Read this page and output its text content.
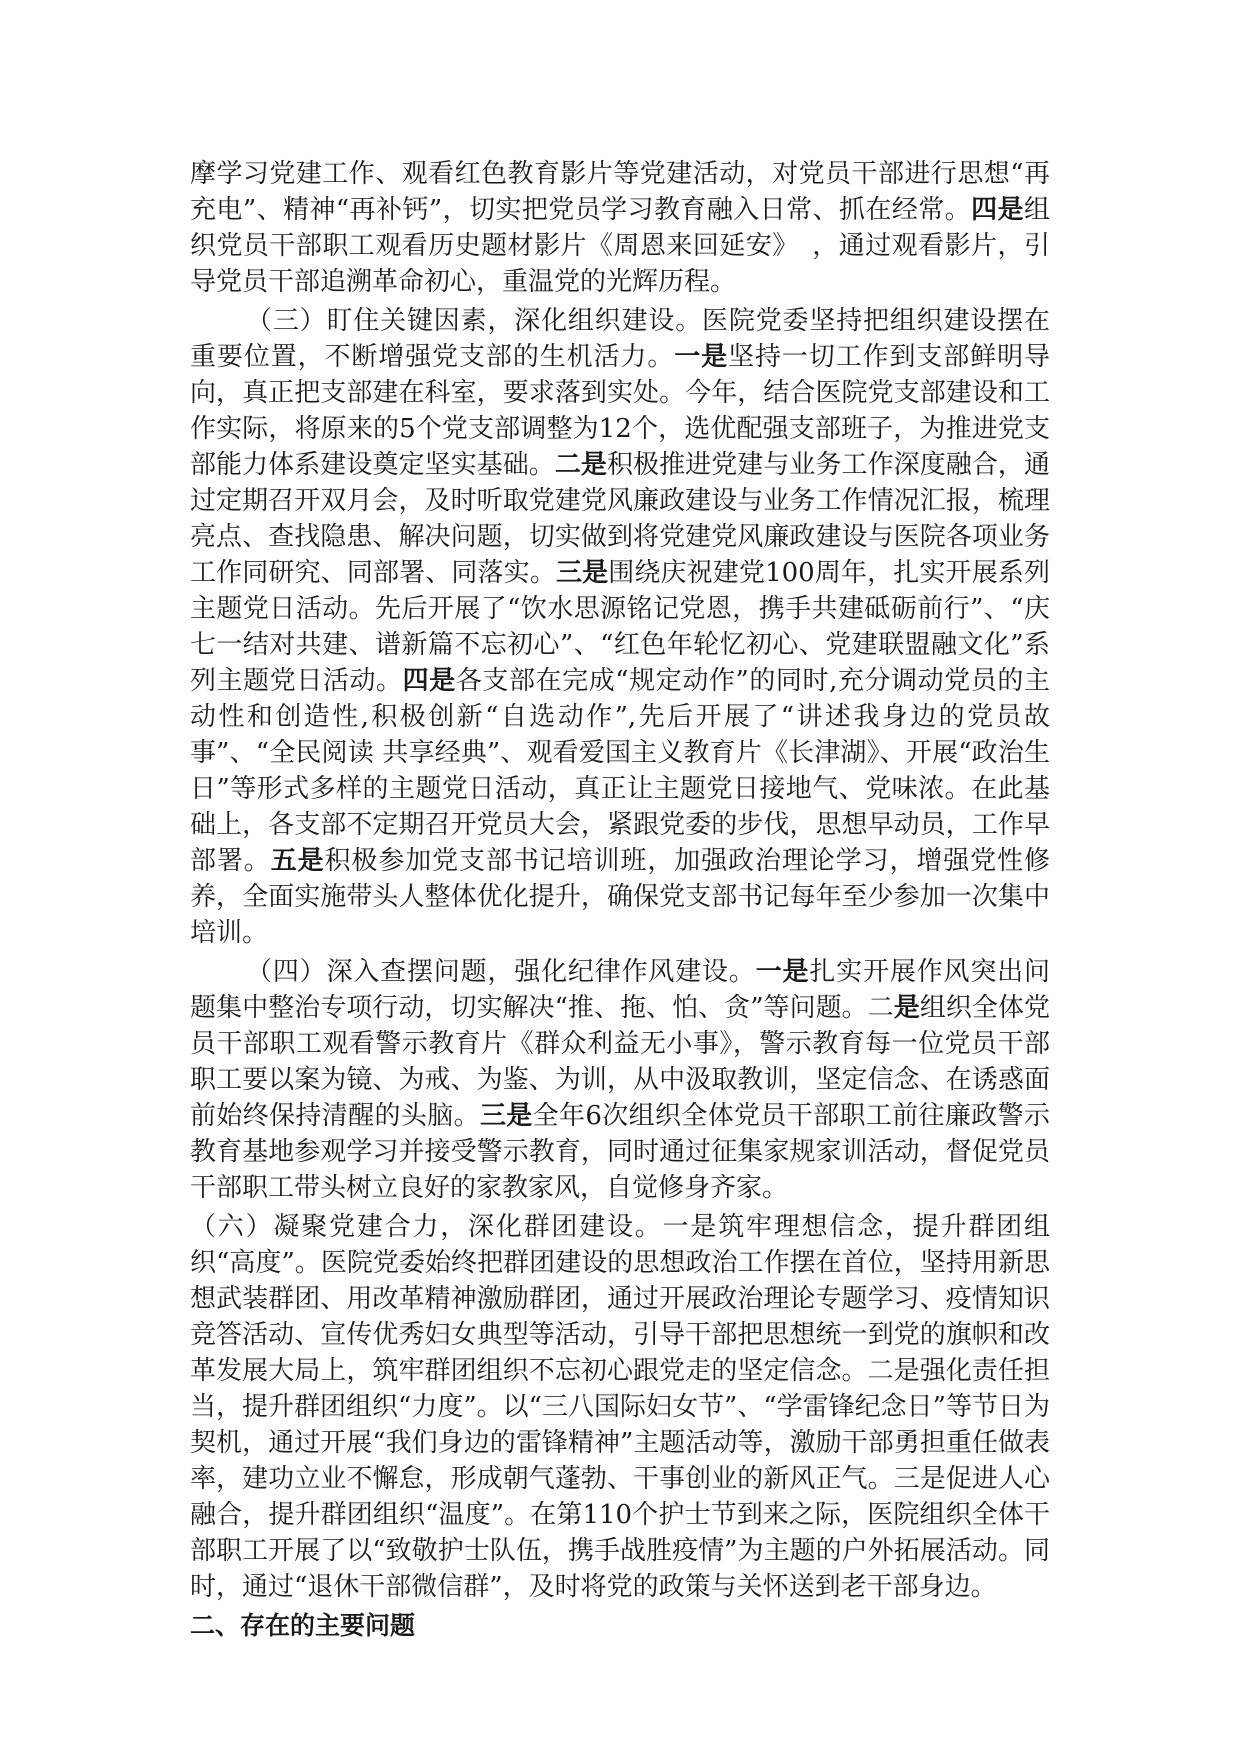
摩学习党建工作、观看红色教育影片等党建活动，对党员干部进行思想“再充电”、精神“再补钙”，切实把党员学习教育融入日常、抓在经常。四是组织党员干部职工观看历史题材影片《周恩来回延安》　，通过观看影片，引导党员干部追溯革命初心，重温党的光辉历程。

（三）盯住关键因素，深化组织建设。医院党委坚持把组织建设摆在重要位置，不断增强党支部的生机活力。一是坚持一切工作到支部鲜明导向，真正把支部建在科室，要求落到实处。今年，结合医院党支部建设和工作实际，将原来的5个党支部调整为12个，选优配强支部班子，为推进党支部能力体系建设奠定坚实基础。二是积极推进党建与业务工作深度融合，通过定期召开双月会，及时听取党建党风廉政建设与业务工作情况汇报，梳理亮点、查找隐患、解决问题，切实做到将党建党风廉政建设与医院各项业务工作同研究、同部署、同落实。三是围绕庆祝建党100周年，扎实开展系列主题党日活动。先后开展了“饮水思源铭记党恩，携手共建砥砺前行”、“庆七一结对共建、谱新篇不忘初心”、“红色年轮忆初心、党建联盟融文化”系列主题党日活动。四是各支部在完成“规定动作”的同时,充分调动党员的主动性和创造性,积极创新“自选动作”,先后开展了“讲述我身边的党员故事”、“全民阅读 共享经典”、观看爱国主义教育片《长津湖》、开展“政治生日”等形式多样的主题党日活动，真正让主题党日接地气、党味浓。在此基础上，各支部不定期召开党员大会，紧跟党委的步伐，思想早动员，工作早部署。五是积极参加党支部书记培训班，加强政治理论学习，增强党性修养，全面实施带头人整体优化提升，确保党支部书记每年至少参加一次集中培训。

（四）深入查摆问题，强化纪律作风建设。一是扎实开展作风突出问题集中整治专项行动，切实解决“推、拖、怕、贪”等问题。二是组织全体党员干部职工观看警示教育片《群众利益无小事》，警示教育每一位党员干部职工要以案为镜、为戒、为鉴、为训，从中汲取教训，坚定信念、在诱惑面前始终保持清醒的头脑。三是全年6次组织全体党员干部职工前往廉政警示教育基地参观学习并接受警示教育，同时通过征集家规家训活动，督促党员干部职工带头树立良好的家教家风，自觉修身齐家。

（六）凝聚党建合力，深化群团建设。一是筑牢理想信念，提升群团组织“高度”。医院党委始终把群团建设的思想政治工作摆在首位，坚持用新思想武装群团、用改革精神激励群团，通过开展政治理论专题学习、疫情知识竞答活动、宣传优秀妇女典型等活动，引导干部把思想统一到党的旗帜和改革发展大局上，筑牢群团组织不忘初心跟党走的坚定信念。二是强化责任担当，提升群团组织“力度”。以“三八国际妇女节”、“学雷锋纪念日”等节日为契机，通过开展“我们身边的雷锋精神”主题活动等，激励干部勇担重任做表率，建功立业不懈怠，形成朝气蓬勃、干事创业的新风正气。三是促进人心融合，提升群团组织“温度”。在第110个护士节到来之际，医院组织全体干部职工开展了以“致敬护士队伍，携手战胜疫情”为主题的户外拓展活动。同时，通过“退休干部微信群”，及时将党的政策与关怀送到老干部身边。

二、存在的主要问题
